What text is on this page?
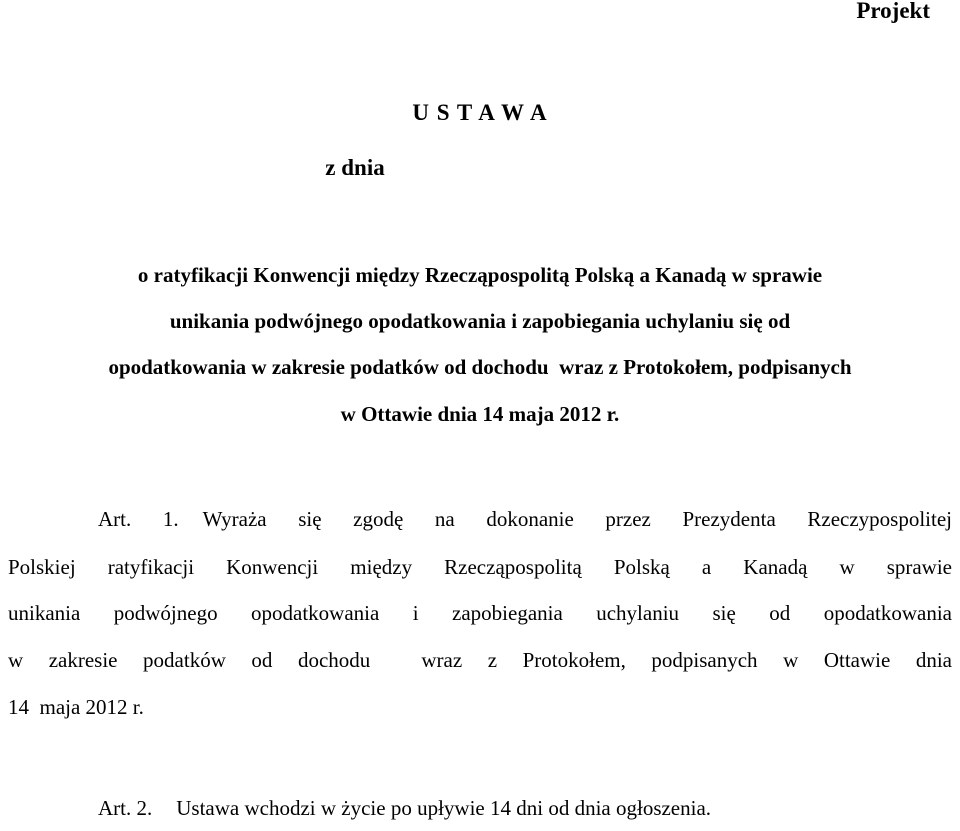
Projekt
U S T A W A
z dnia
o ratyfikacji Konwencji między Rzecząpospolitą Polską a Kanadą w sprawie
unikania podwójnego opodatkowania i zapobiegania uchylaniu się od
opodatkowania w zakresie podatków od dochodu  wraz z Protokołem, podpisanych
w Ottawie dnia 14 maja 2012 r.
Art. 1. Wyraża się zgodę na dokonanie przez Prezydenta Rzeczypospolitej
Polskiej ratyfikacji Konwencji między Rzecząpospolitą Polską a Kanadą w sprawie
unikania podwójnego opodatkowania i zapobiegania uchylaniu się od opodatkowania
w zakresie podatków od dochodu  wraz z Protokołem, podpisanych w Ottawie dnia
14  maja 2012 r.
Art. 2. Ustawa wchodzi w życie po upływie 14 dni od dnia ogłoszenia.
